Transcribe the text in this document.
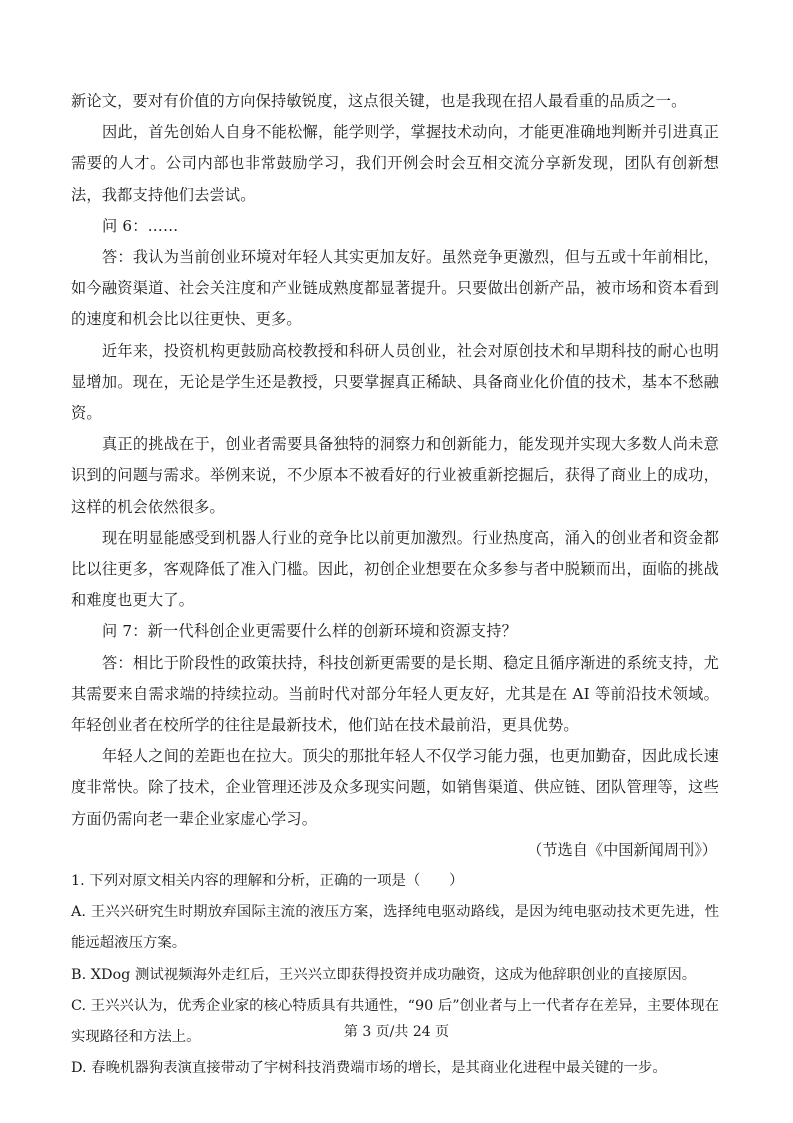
新论文，要对有价值的方向保持敏锐度，这点很关键，也是我现在招人最看重的品质之一。

因此，首先创始人自身不能松懈，能学则学，掌握技术动向，才能更准确地判断并引进真正需要的人才。公司内部也非常鼓励学习，我们开例会时会互相交流分享新发现，团队有创新想法，我都支持他们去尝试。

问 6：……

答：我认为当前创业环境对年轻人其实更加友好。虽然竞争更激烈，但与五或十年前相比，如今融资渠道、社会关注度和产业链成熟度都显著提升。只要做出创新产品，被市场和资本看到的速度和机会比以往更快、更多。

近年来，投资机构更鼓励高校教授和科研人员创业，社会对原创技术和早期科技的耐心也明显增加。现在，无论是学生还是教授，只要掌握真正稀缺、具备商业化价值的技术，基本不愁融资。

真正的挑战在于，创业者需要具备独特的洞察力和创新能力，能发现并实现大多数人尚未意识到的问题与需求。举例来说，不少原本不被看好的行业被重新挖掘后，获得了商业上的成功，这样的机会依然很多。

现在明显能感受到机器人行业的竞争比以前更加激烈。行业热度高，涌入的创业者和资金都比以往更多，客观降低了准入门槛。因此，初创企业想要在众多参与者中脱颖而出，面临的挑战和难度也更大了。

问 7：新一代科创企业更需要什么样的创新环境和资源支持？

答：相比于阶段性的政策扶持，科技创新更需要的是长期、稳定且循序渐进的系统支持，尤其需要来自需求端的持续拉动。当前时代对部分年轻人更友好，尤其是在 AI 等前沿技术领域。年轻创业者在校所学的往往是最新技术，他们站在技术最前沿，更具优势。

年轻人之间的差距也在拉大。顶尖的那批年轻人不仅学习能力强，也更加勤奋，因此成长速度非常快。除了技术，企业管理还涉及众多现实问题，如销售渠道、供应链、团队管理等，这些方面仍需向老一辈企业家虚心学习。

（节选自《中国新闻周刊》）

1. 下列对原文相关内容的理解和分析，正确的一项是（　　）

A. 王兴兴研究生时期放弃国际主流的液压方案，选择纯电驱动路线，是因为纯电驱动技术更先进，性能远超液压方案。

B. XDog 测试视频海外走红后，王兴兴立即获得投资并成功融资，这成为他辞职创业的直接原因。

C. 王兴兴认为，优秀企业家的核心特质具有共通性，“90 后”创业者与上一代者存在差异，主要体现在实现路径和方法上。

D. 春晚机器狗表演直接带动了宇树科技消费端市场的增长，是其商业化进程中最关键的一步。

第 3 页/共 24 页
